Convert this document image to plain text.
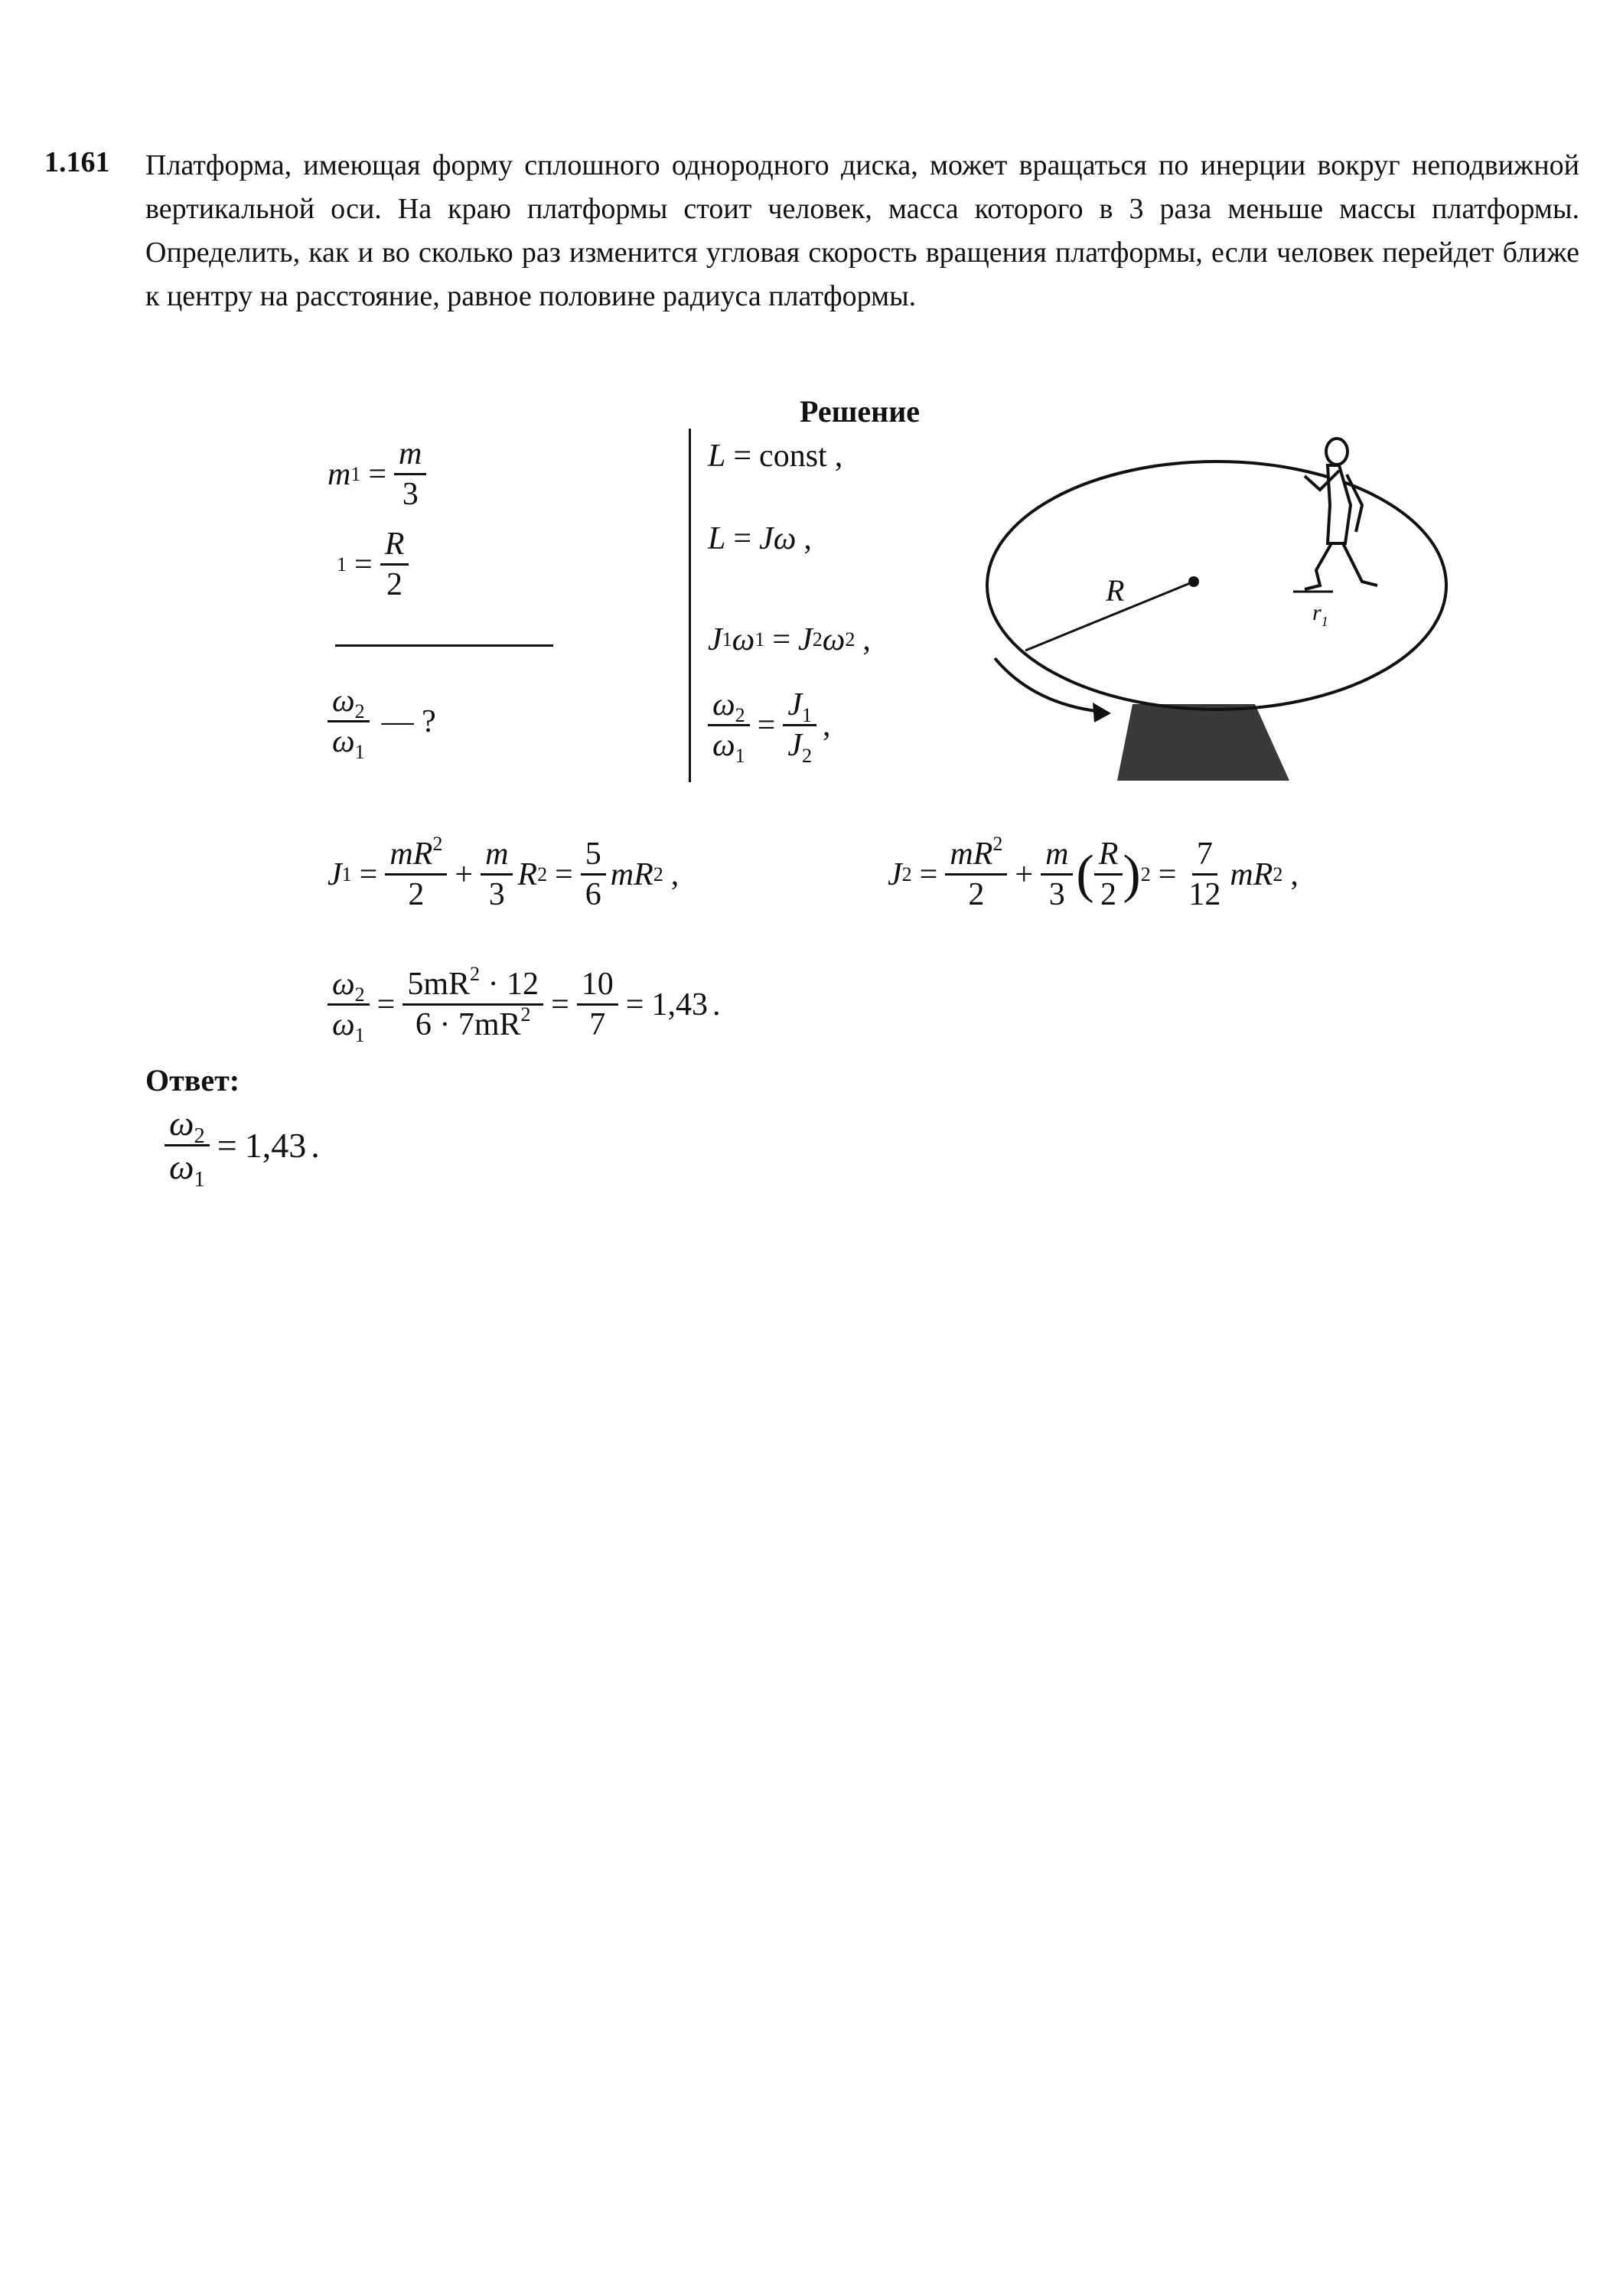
1.161 Платформа, имеющая форму сплошного однородного диска, может вращаться по инерции вокруг неподвижной вертикальной оси. На краю платформы стоит человек, масса которого в 3 раза меньше массы платформы. Определить, как и во сколько раз изменится угловая скорость вращения платформы, если человек перейдет ближе к центру на расстояние, равное половине радиуса платформы.
Решение
m $1 = \frac{m}{3}$
$1 = \frac{R}{2}$
$\frac{\omega_2}{\omega_1}$ — ?
L = const ,
L = Jω ,
J 1 ω 1 = J 2 ω 2 ,
$\frac{\omega_2}{\omega_1} = \frac{J_1}{J_2}$ ,
R
$r_1$
J $1 = \frac{mR^2}{2} + \frac{m}{3}$ R $2 = \frac{5}{6}$ mR 2 ,	J $2 = \frac{mR^2}{2} + \frac{m}{3}$ ( $\frac{R}{2}$ ) $2 = \frac{7}{12}$ mR 2 ,
$\frac{\omega_2}{\omega_1} = \frac{5mR^2 \cdot 12}{6 \cdot 7mR^2} = \frac{10}{7} = 1,43$ .
Ответ:
$\frac{\omega_2}{\omega_1} = 1,43$ .
